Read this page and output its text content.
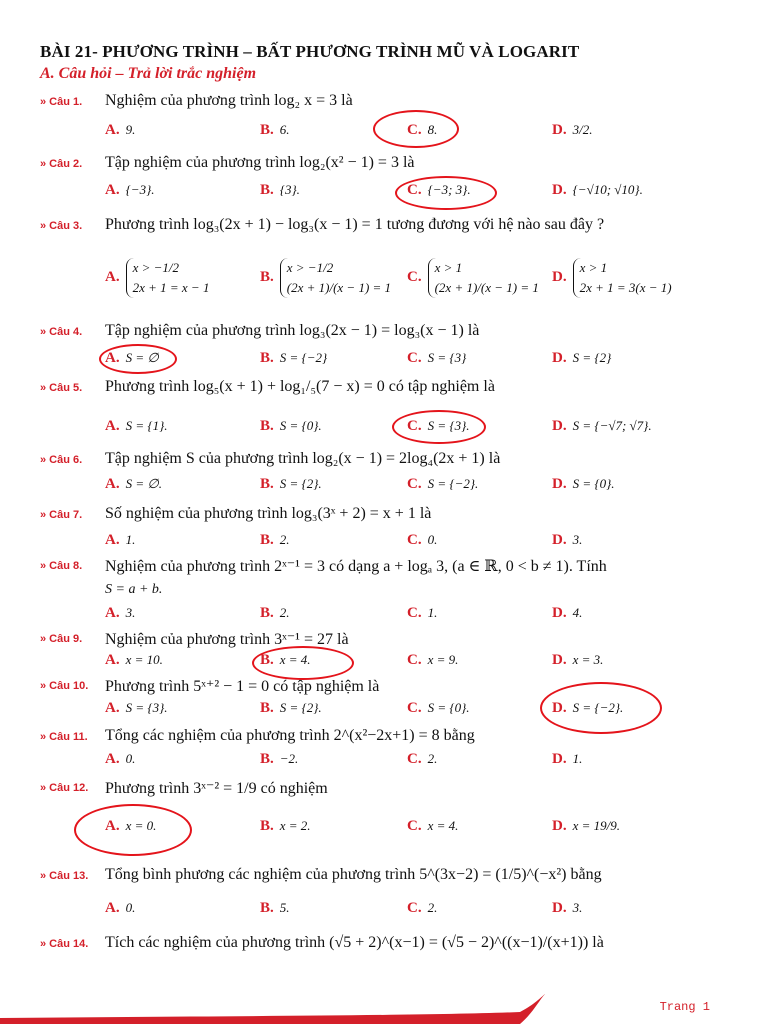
BÀI 21- PHƯƠNG TRÌNH – BẤT PHƯƠNG TRÌNH MŨ VÀ LOGARIT
A. Câu hỏi – Trả lời trắc nghiệm
» Câu 1. Nghiệm của phương trình log₂ x = 3 là
A. 9.	B. 6.	C. 8.	D. 3/2.
» Câu 2. Tập nghiệm của phương trình log₂(x² − 1) = 3 là
A. {−3}.	B. {3}.	C. {−3; 3}.	D. {−√10; √10}.
» Câu 3. Phương trình log₃(2x + 1) − log₃(x − 1) = 1 tương đương với hệ nào sau đây ?
A.
x > −1/2
2x + 1 = x − 1
B.
x > −1/2
(2x + 1)/(x − 1) = 1
C.
x > 1
(2x + 1)/(x − 1) = 1
D.
x > 1
2x + 1 = 3(x − 1)
» Câu 4. Tập nghiệm của phương trình log₃(2x − 1) = log₃(x − 1) là
A. S = ∅	B. S = {−2}	C. S = {3}	D. S = {2}
» Câu 5. Phương trình log₅(x + 1) + log₁/₅(7 − x) = 0 có tập nghiệm là
A. S = {1}.	B. S = {0}.	C. S = {3}.	D. S = {−√7; √7}.
» Câu 6. Tập nghiệm S của phương trình log₂(x − 1) = 2log₄(2x + 1) là
A. S = ∅.	B. S = {2}.	C. S = {−2}.	D. S = {0}.
» Câu 7. Số nghiệm của phương trình log₃(3ˣ + 2) = x + 1 là
A. 1.	B. 2.	C. 0.	D. 3.
» Câu 8. Nghiệm của phương trình 2ˣ⁻¹ = 3 có dạng a + logₐ 3, (a ∈ ℝ, 0 < b ≠ 1). Tính
S = a + b.
A. 3.	B. 2.	C. 1.	D. 4.
» Câu 9. Nghiệm của phương trình 3ˣ⁻¹ = 27 là
A. x = 10.	B. x = 4.	C. x = 9.	D. x = 3.
» Câu 10. Phương trình 5ˣ⁺² − 1 = 0 có tập nghiệm là
A. S = {3}.	B. S = {2}.	C. S = {0}.	D. S = {−2}.
» Câu 11. Tổng các nghiệm của phương trình 2^(x²−2x+1) = 8 bằng
A. 0.	B. −2.	C. 2.	D. 1.
» Câu 12. Phương trình 3ˣ⁻² = 1/9 có nghiệm
A. x = 0.	B. x = 2.	C. x = 4.	D. x = 19/9.
» Câu 13. Tổng bình phương các nghiệm của phương trình 5^(3x−2) = (1/5)^(−x²) bằng
A. 0.	B. 5.	C. 2.	D. 3.
» Câu 14. Tích các nghiệm của phương trình (√5 + 2)^(x−1) = (√5 − 2)^((x−1)/(x+1)) là
Trang 1
